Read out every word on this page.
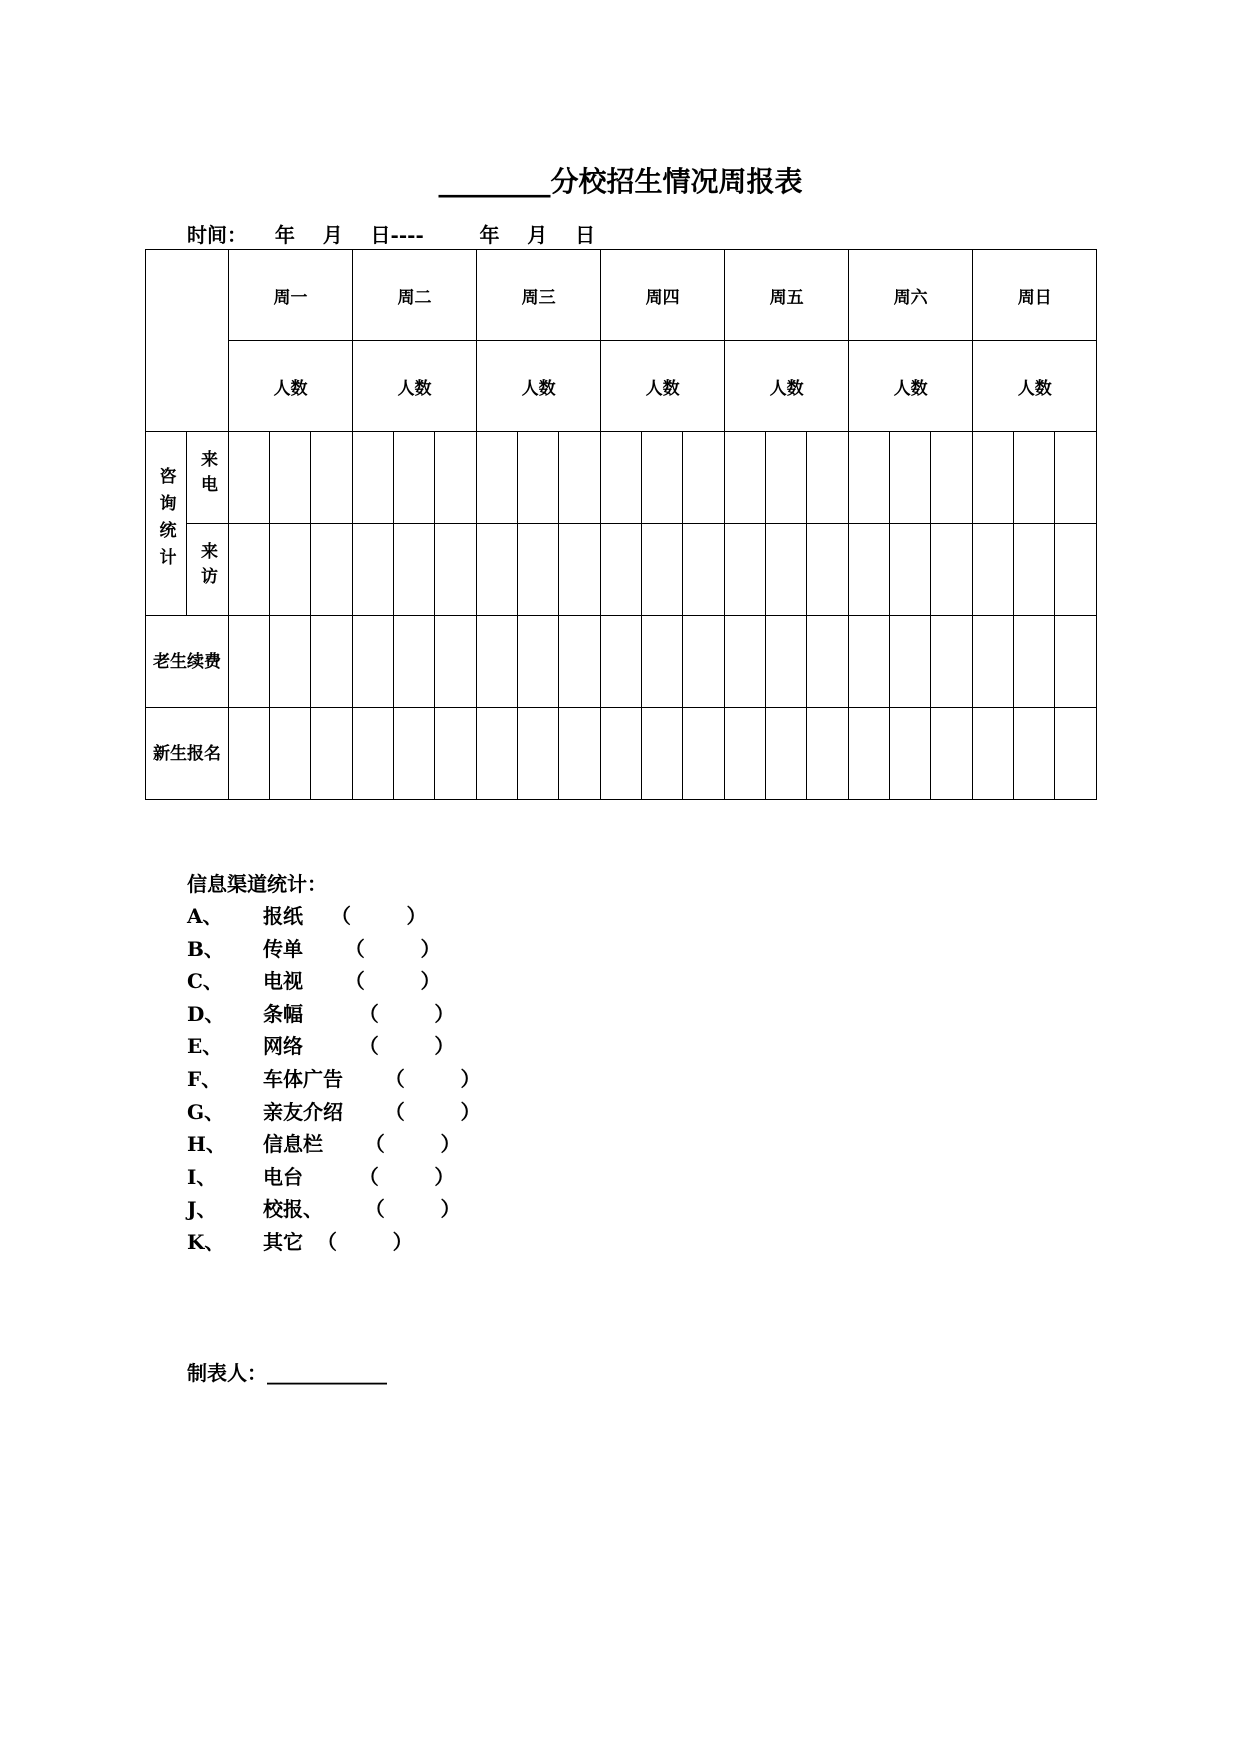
________分校招生情况周报表
时间：    年    月    日----        年    月    日
		周一			周二			周三			周四			周五			周六			周日		
		人数			人数			人数			人数			人数			人数			人数		
咨询统计	来电																					
	来访																					

老生续费																						

新生报名																						

信息渠道统计：
A、 报纸    （        ）
B、 传单      （        ）
C、 电视      （        ）
D、 条幅        （        ）
E、 网络        （        ）
F、 车体广告      （        ）
G、 亲友介绍      （        ）
H、 信息栏      （        ）
I、 电台        （        ）
J、 校报、      （        ）
K、 其它  （        ）
制表人：____________
